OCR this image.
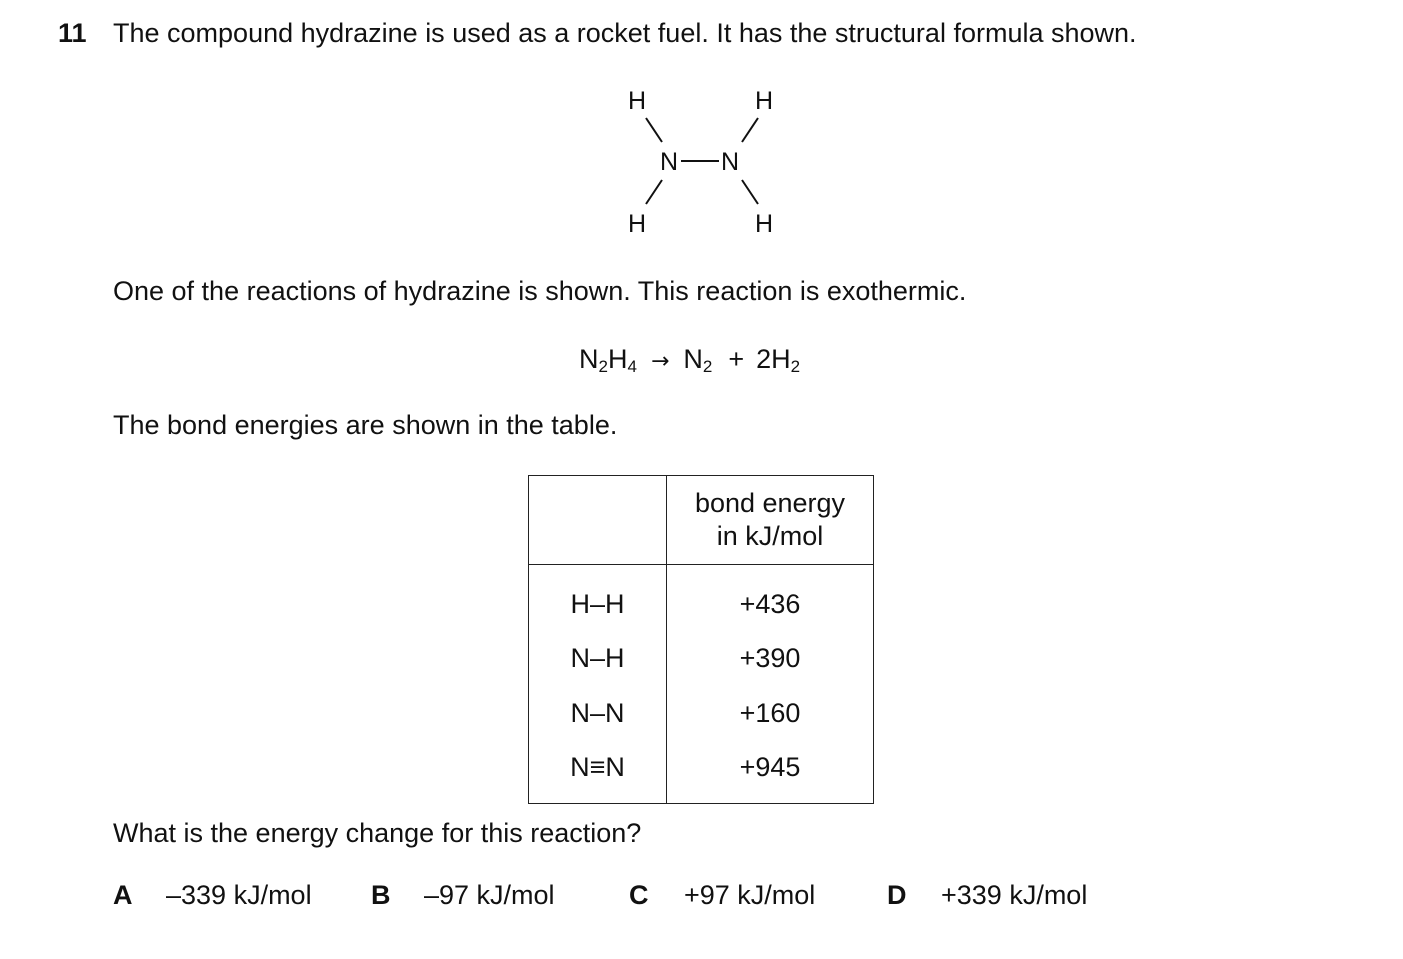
11 The compound hydrazine is used as a rocket fuel. It has the structural formula shown.
H	H
N N
H	H
One of the reactions of hydrazine is shown. This reaction is exothermic.
$N_2H_4 \to N_2 + 2H_2$
The bond energies are shown in the table.

	bond energy
in kJ/mol

H–H	+436
N–H	+390
N–N	+160
N≡N	+945
What is the energy change for this reaction?
A –339 kJ/mol B –97 kJ/mol	C +97 kJ/mol	D +339 kJ/mol
